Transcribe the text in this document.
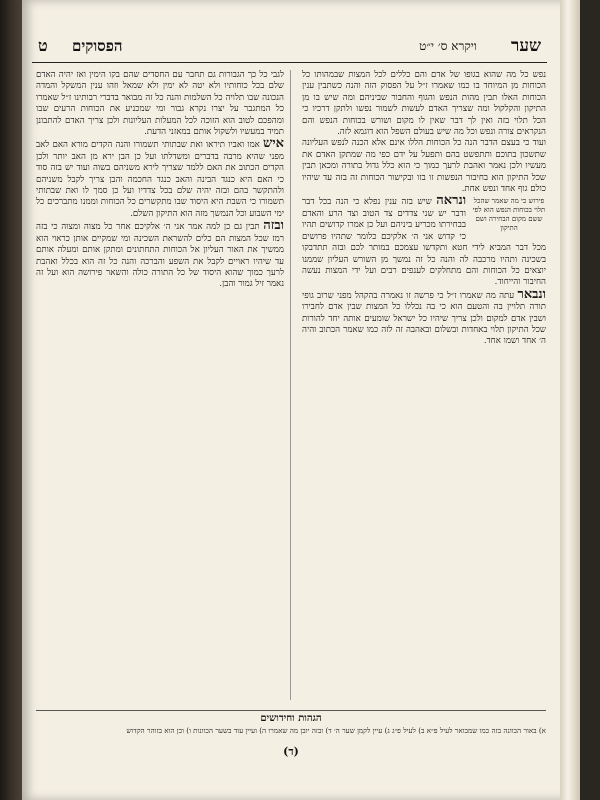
שער
ויקרא ס׳ י״ט
הפסוקים
ט

נפש כל מה שהוא בגופו של אדם והם כללים לכל המצות שבמהותו כל הכוחות מן המיוחד בו כמו שאמרו ז״ל על הפסוק הזה והנה כשתבין ענין הכוחות האלו תבין מהות הנפש והגוף והחבור שביניהם ומה שיש בו מן התיקון והקלקול ומה שצריך האדם לעשות לשמור נפשו ולתקן דרכיו כי הכל תלוי בזה ואין לך דבר שאין לו מקום ושורש בכוחות הנפש והם הנקראים צורה ונפש וכל מה שיש בעולם השפל הוא דוגמא לזה.

ועוד כי בעצם הדבר הנה כל הכוחות הללו אינם אלא הכנה לנפש העליונה שתשכון בתוכם ותתפשט בהם ותפעל על ידם כפי מה שמתקן האדם את מעשיו ולכן נאמר ואהבת לרעך כמוך כי הוא כלל גדול בתורה ומכאן תבין שכל התיקון הוא בחיבור הנפשות זו בזו ובקישור הכוחות זה בזה עד שיהיו כולם גוף אחד ונפש אחת.

פירוש כי מה שאמר שהכל תלוי בכוחות הנפש הוא לפי ששם מקום הבחירה ושם התיקון
ונראה שיש בזה ענין נפלא כי הנה בכל דבר ודבר יש שני צדדים צד הטוב וצד הרע והאדם בבחירתו מכריע ביניהם ועל כן אמרו קדושים תהיו כי קדוש אני ה׳ אלקיכם כלומר שתהיו פרושים מכל דבר המביא לידי חטא ותקדשו עצמכם במותר לכם ובזה תתדבקו בשכינה ותהיו מרכבה לה והנה כל זה נמשך מן השורש העליון שממנו יוצאים כל הכוחות והם מתחלקים לענפים רבים ועל ידי המצות נעשה החיבור והייחוד.

ונבאר עתה מה שאמרו ז״ל כי פרשה זו נאמרה בהקהל מפני שרוב גופי תורה תלויין בה והטעם הוא כי בה נכללו כל המצות שבין אדם לחבירו ושבין אדם למקום ולכן צריך שיהיו כל ישראל שומעים אותה יחד להורות שכל התיקון תלוי באחדות ובשלום ובאהבה זה לזה כמו שאמר הכתוב והיה ה׳ אחד ושמו אחד.

לגבי כל כך הגבורות גם תחבר עם החסדים שהם בקו הימין ואז יהיה האדם שלם בכל כוחותיו ולא יטה לא ימין ולא שמאל וזהו ענין המשקל והמדה הנכונה שבו תלויה כל השלמות והנה כל זה מבואר בדברי רבותינו ז״ל שאמרו כל המתגבר על יצרו נקרא גבור ומי שמכניע את הכוחות הרעים שבו ומהפכם לטוב הוא הזוכה לכל המעלות העליונות ולכן צריך האדם להתבונן תמיד במעשיו ולשקול אותם במאזני הדעת.

איש אמו ואביו תיראו ואת שבתותי תשמורו והנה הקדים מורא האם לאב מפני שהיא מרבה בדברים ומשדלתו ועל כן הבן ירא מן האב יותר ולכן הקדים הכתוב את האם ללמד שצריך לירא משניהם בשוה ועוד יש בזה סוד כי האם היא כנגד הבינה והאב כנגד החכמה והבן צריך לקבל משניהם ולהתקשר בהם ובזה יהיה שלם בכל צדדיו ועל כן סמך לו ואת שבתותי תשמורו כי השבת היא היסוד שבו מתקשרים כל הכוחות וממנו מתברכים כל ימי השבוע וכל הנמשך מזה הוא התיקון השלם.

ובזה תבין גם כן למה אמר אני ה׳ אלקיכם אחר כל מצוה ומצוה כי בזה רמז שכל המצות הם כלים להשראת השכינה ומי שמקיים אותן כראוי הוא ממשיך את האור העליון אל הכוחות התחתונים ומתקן אותם ומעלה אותם עד שיהיו ראויים לקבל את השפע והברכה והנה כל זה הוא בכלל ואהבת לרעך כמוך שהוא היסוד של כל התורה כולה והשאר פירושה הוא ועל זה נאמר זיל גמור והבן.

הגהות וחידושים
א) באור הכוונה בזה כמו שמבואר לעיל פ״א ב) לעיל פ״ג ג) עיין לקמן שער ה׳ ד) ובזה יובן מה שאמרו ה) ועיין עוד בשער הכוונות ו) וכן הוא בזוהר הקדוש
(ד)
